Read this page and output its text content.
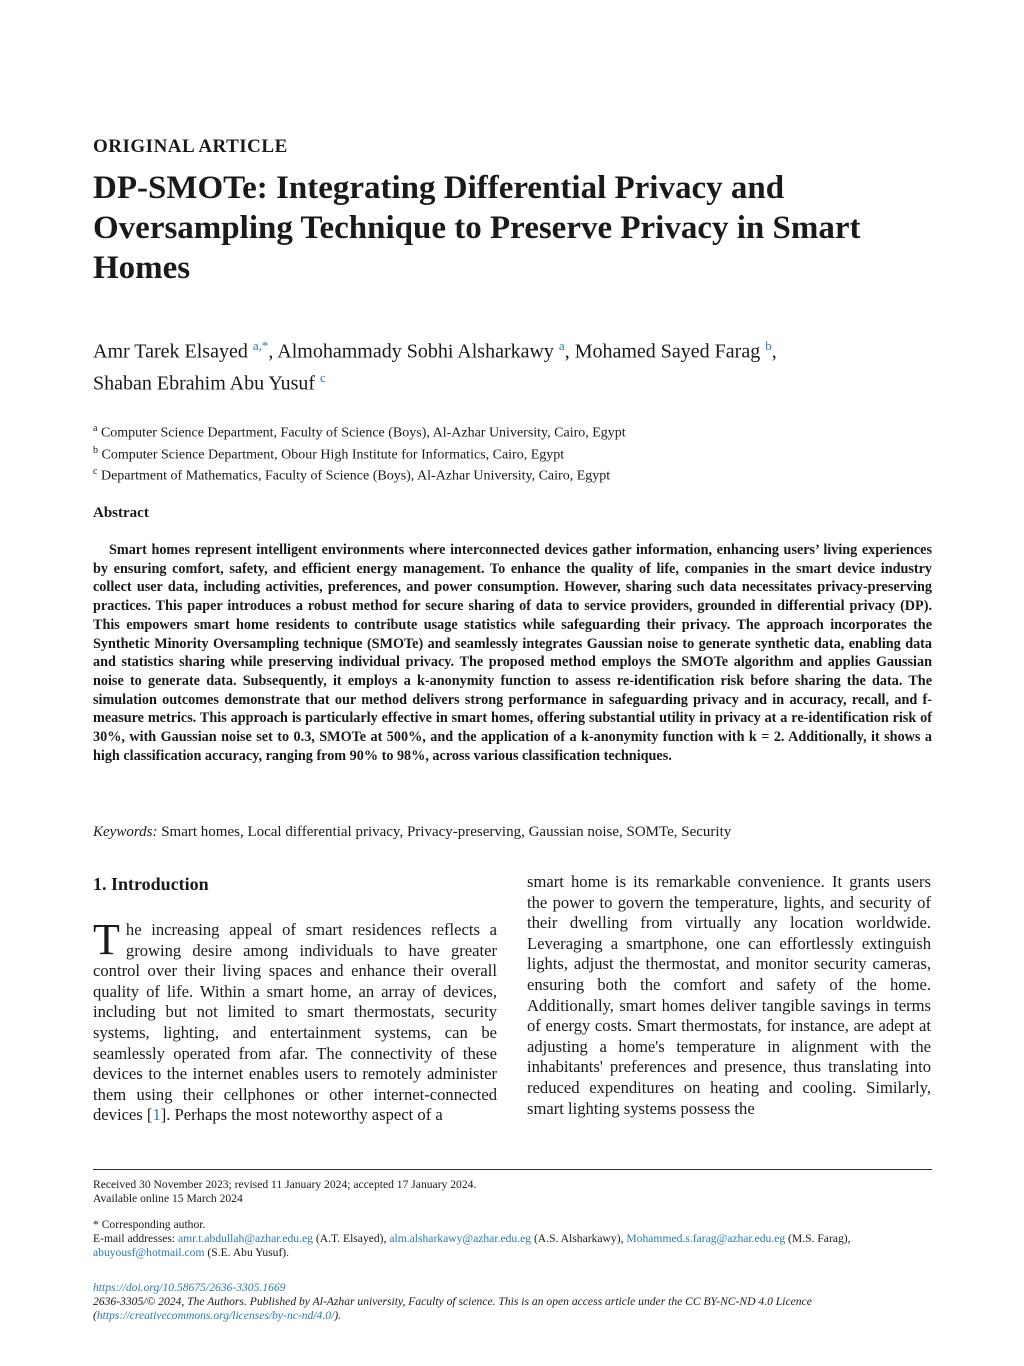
ORIGINAL ARTICLE
DP-SMOTe: Integrating Differential Privacy and Oversampling Technique to Preserve Privacy in Smart Homes
Amr Tarek Elsayed $^{a,*}$, Almohammady Sobhi Alsharkawy $^a$, Mohamed Sayed Farag $^b$,
Shaban Ebrahim Abu Yusuf $^c$
$^a$ Computer Science Department, Faculty of Science (Boys), Al-Azhar University, Cairo, Egypt
$^b$ Computer Science Department, Obour High Institute for Informatics, Cairo, Egypt
$^c$ Department of Mathematics, Faculty of Science (Boys), Al-Azhar University, Cairo, Egypt
Abstract
Smart homes represent intelligent environments where interconnected devices gather information, enhancing users’ living experiences by ensuring comfort, safety, and efficient energy management. To enhance the quality of life, companies in the smart device industry collect user data, including activities, preferences, and power consumption. However, sharing such data necessitates privacy-preserving practices. This paper introduces a robust method for secure sharing of data to service providers, grounded in differential privacy (DP). This empowers smart home residents to contribute usage statistics while safeguarding their privacy. The approach incorporates the Synthetic Minority Oversampling technique (SMOTe) and seamlessly integrates Gaussian noise to generate synthetic data, enabling data and statistics sharing while preserving individual privacy. The proposed method employs the SMOTe algorithm and applies Gaussian noise to generate data. Subsequently, it employs a k-anonymity function to assess re-identification risk before sharing the data. The simulation outcomes demonstrate that our method delivers strong performance in safeguarding privacy and in accuracy, recall, and f-measure metrics. This approach is particularly effective in smart homes, offering substantial utility in privacy at a re-identification risk of 30%, with Gaussian noise set to 0.3, SMOTe at 500%, and the application of a k-anonymity function with k = 2. Additionally, it shows a high classification accuracy, ranging from 90% to 98%, across various classification techniques.
Keywords: Smart homes, Local differential privacy, Privacy-preserving, Gaussian noise, SOMTe, Security
1. Introduction
The increasing appeal of smart residences reflects a growing desire among individuals to have greater control over their living spaces and enhance their overall quality of life. Within a smart home, an array of devices, including but not limited to smart thermostats, security systems, lighting, and entertainment systems, can be seamlessly operated from afar. The connectivity of these devices to the internet enables users to remotely administer them using their cellphones or other internet-connected devices [1]. Perhaps the most noteworthy aspect of a
smart home is its remarkable convenience. It grants users the power to govern the temperature, lights, and security of their dwelling from virtually any location worldwide. Leveraging a smartphone, one can effortlessly extinguish lights, adjust the thermostat, and monitor security cameras, ensuring both the comfort and safety of the home. Additionally, smart homes deliver tangible savings in terms of energy costs. Smart thermostats, for instance, are adept at adjusting a home's temperature in alignment with the inhabitants' preferences and presence, thus translating into reduced expenditures on heating and cooling. Similarly, smart lighting systems possess the
Received 30 November 2023; revised 11 January 2024; accepted 17 January 2024.
Available online 15 March 2024
* Corresponding author.
E-mail addresses: amr.t.abdullah@azhar.edu.eg (A.T. Elsayed), alm.alsharkawy@azhar.edu.eg (A.S. Alsharkawy), Mohammed.s.farag@azhar.edu.eg (M.S. Farag), abuyousf@hotmail.com (S.E. Abu Yusuf).
https://doi.org/10.58675/2636-3305.1669
2636-3305/© 2024, The Authors. Published by Al-Azhar university, Faculty of science. This is an open access article under the CC BY-NC-ND 4.0 Licence (https://creativecommons.org/licenses/by-nc-nd/4.0/).
